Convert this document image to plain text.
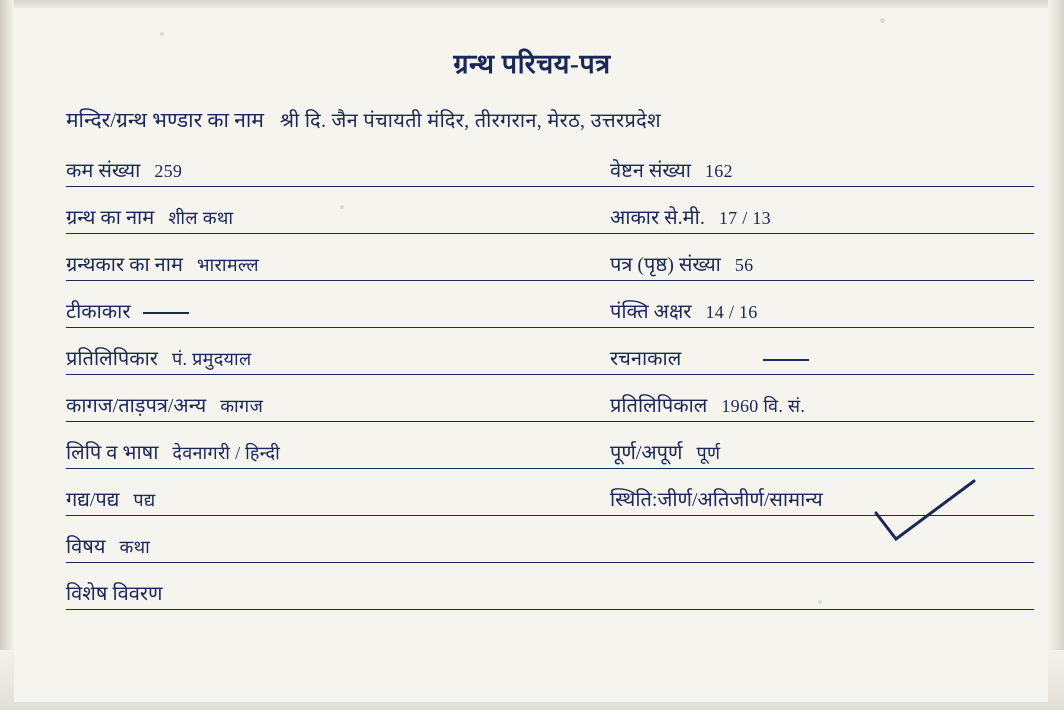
ग्रन्थ परिचय-पत्र
मन्दिर/ग्रन्थ भण्डार का नाम श्री दि. जैन पंचायती मंदिर, तीरगरान, मेरठ, उत्तरप्रदेश
कम संख्या 259	वेष्टन संख्या 162
ग्रन्थ का नाम शील कथा	आकार से.मी. 17 / 13
ग्रन्थकार का नाम भारामल्ल	पत्र (पृष्ठ) संख्या 56
टीकाकार	पंक्ति अक्षर 14 / 16
प्रतिलिपिकार पं. प्रमुदयाल	रचनाकाल
कागज/ताड़पत्र/अन्य कागज	प्रतिलिपिकाल 1960 वि. सं.
लिपि व भाषा देवनागरी / हिन्दी	पूर्ण/अपूर्ण पूर्ण
गद्य/पद्य पद्य	स्थिति:जीर्ण/अतिजीर्ण/सामान्य
विषय कथा
विशेष विवरण
